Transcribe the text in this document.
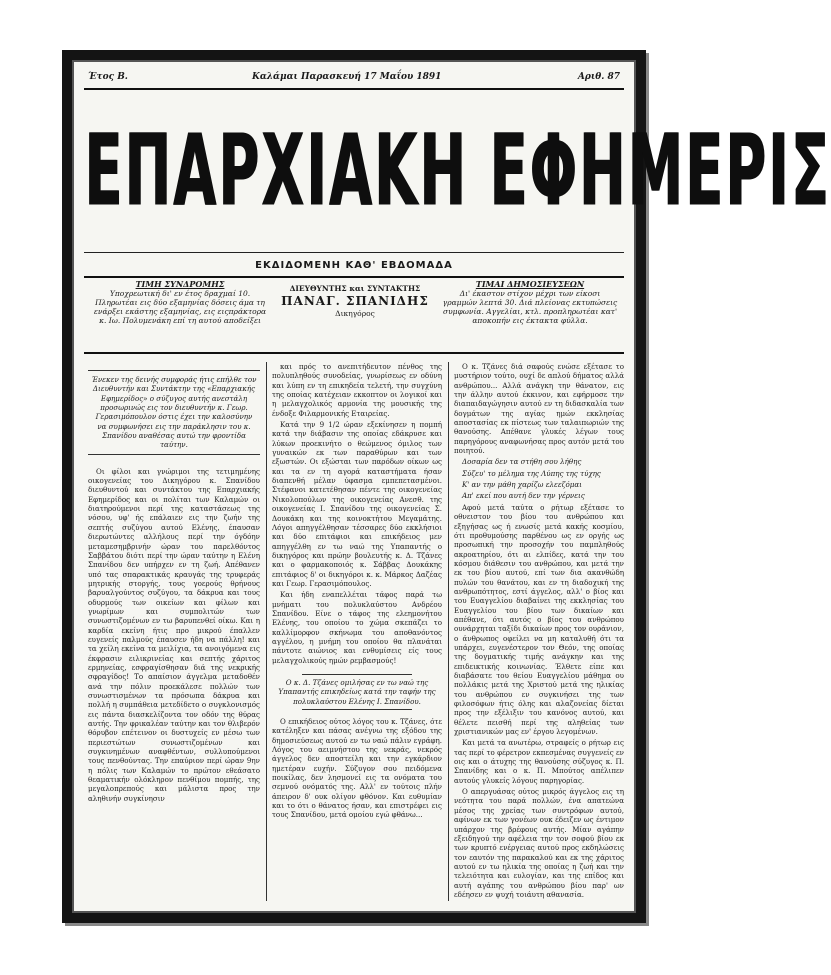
Έτος Β.	Καλάμαι Παρασκευή 17 Μαΐου 1891	Αριθ. 87
ΕΠΑΡΧΙΑΚΗ ΕΦΗΜΕΡΙΣ
ΕΚΔΙΔΟΜΕΝΗ ΚΑΘ' ΕΒΔΟΜΑΔΑ
ΤΙΜΗ ΣΥΝΔΡΟΜΗΣ
Υποχρεωτική δι' εν έτος δραχμαί 10. Πληρωτέαι εις δύο εξαμηνίας δόσεις άμα τη ενάρξει εκάστης εξαμηνίας, εις ειςπράκτορα κ. Ιω. Πολυμενάκη επί τη αυτού αποδείξει
ΔΙΕΥΘΥΝΤΗΣ και ΣΥΝΤΑΚΤΗΣ
ΠΑΝΑΓ. ΣΠΑΝΙΔΗΣ
Δικηγόρος
ΤΙΜΑΙ ΔΗΜΟΣΙΕΥΣΕΩΝ
Δι' έκαστον στίχον μέχρι των είκοσι γραμμών λεπτά 30. Διά πλείονας εκτυπώσεις συμφωνία. Αγγελίαι, κτλ. προπληρωτέαι κατ' αποκοπήν εις έκτακτα φύλλα.
Ένεκεν της δεινής συμφοράς ήτις επήλθε τον Διευθυντήν και Συντάκτην της «Επαρχιακής Εφημερίδος» ο σύζυγος αυτής ανεστάλη προσωρινώς εις τον διευθυντήν κ. Γεωρ. Γερασιμόπουλον όστις έχει την καλοσύνην να συμφωνήσει εις την παράκλησιν του κ. Σπανίδου αναθέσας αυτώ την φροντίδα ταύτην.

Οι φίλοι και γνώριμοι της τετιμημένης οικογενείας του Δικηγόρου κ. Σπανίδου διευθυντού και συντάκτου της Επαρχιακής Εφημερίδος και οι πολίται των Καλαμών οι διατηρούμενοι περί της καταστάσεως της νόσου, υφ' ής επάλαιεν εις την ζωήν της σεπτής συζύγου αυτού Ελένης, έπαυσαν διερωτώντες αλλήλους περί την όγδόην μεταμεσημβρινήν ώραν του παρελθόντος Σαββάτου διότι περί την ώραν ταύτην η Ελένη Σπανίδου δεν υπήρχεν εν τη ζωή. Απέθανεν υπό τας σπαρακτικάς κραυγάς της τρυφεράς μητρικής στοργής, τους γοερούς θρήνους βαρυαλγούντος συζύγου, τα δάκρυα και τους οδυρμούς των οικείων και φίλων και γνωρίμων και συμπολιτών των συνωστιζομένων εν τω βαρυπενθεί οίκω. Και η καρδία εκείνη ήτις προ μικρού έπαλλεν ευγενείς παλμούς έπαυσεν ήδη να πάλλη! και τα χείλη εκείνα τα μειλίχια, τα ανοιγόμενα εις έκφρασιν ειλικρινείας και σεπτής χάριτος ερμηνείας, εσφραγίσθησαν διά της νεκρικής σφραγίδος! Το απαίσιον άγγελμα μεταδοθέν ανά την πόλιν προεκάλεσε πολλών των συνωστισμένων τα πρόσωπα δάκρυα και πολλή η συμπάθεια μετεδίδετο ο συγκλονισμός εις πάντα διασκελίζοντα τον οδόν της θύρας αυτής. Την φρικαλέαν ταύτην και τον θλιβερόν θόρυβον επέτεινον οι δυστυχείς εν μέσω των περιεστώτων συνωστιζομένων και συγκινημένων αναφθέντων, συλλυπούμενοι τους πενθούντας. Την επαύριον περί ώραν 9ην η πόλις των Καλαμών το πρώτον εθεάσατο θεαματικήν ολόκληρον πενθίμου πομπής, της μεγαλοπρεπούς και μάλιστα προς την αληθινήν συγκίνησιν

και πρός το ανεπιτήδευτον πένθος της πολυπληθούς συνοδείας, γνωρίσεως εν οδύνη και λύπη εν τη επικηδεία τελετή, την συγχύνη της οποίας κατέχειαν εκκοπτον οι λογικοί και η μελαγχολικός αρμονία της μουσικής της ένδοξε Φιλαρμονικής Εταιρείας.

Κατά την 9 1/2 ώραν εξεκίνησεν η πομπή κατά την διάβασιν της οποίας εδάκρυσε και λύκων προεκινήτο ο θεώμενος όμιλος των γυναικών εκ των παραθύρων και των εξωστών. Οι εξώσται των παρόδων οίκων ως και τα εν τη αγορά καταστήματα ήσαν διαπενθή μέλαν ύφασμα εμπεπετασμένοι. Στέφανοι κατετέθησαν πέντε της οικογενείας Νικολοπούλων της οικογενείας Ανεσθ. της οικογενείας Ι. Σπανίδου της οικογενείας Σ. Δουκάκη και της κοινοκτήτου Μεγαμάτης. Λόγοι απηγγέλθησαν τέσσαρες δύο εκκλήσιοι και δύο επιτάφιοι και επικήδειος μεν απηγγέλθη εν τω ναώ της Υπαπαντής ο δικηγόρος και πρώην βουλευτής κ. Δ. Τζάνες και ο φαρμακοποιός κ. Σάββας Δουκάκης επιτάφιος δ' οι δικηγόροι κ. κ. Μάρκος Δαζέας και Γεωρ. Γερασιμόπουλος.

Και ήδη εναπελλέται τάφος παρά τω μνήματι του πολυκλαύστου Ανδρέου Σπανίδου. Είνε ο τάφος της ελεημονήτου Ελένης, του οποίου το χώμα σκεπάζει το καλλίμορφον σκήνωμα του αποθανόντος αγγέλου, η μνήμη του οποίου θα πλανάται πάντοτε αιώνιος και ενθυμίσεις είς τους μελαγχολικούς ημών ρεμβασμούς!

Ο κ. Δ. Τζάνες ομιλήσας εν τω ναώ της Υπαπαντής επικηδείως κατά την ταφήν της πολυκλαύστου Ελένης Ι. Σπανίδου.

Ο επικήδειος ούτος λόγος του κ. Τζάνες, ότε κατέληξεν και πάσας ανέγνω της εξόδου της δημοσιεύσεως αυτού εν τω ναώ πάλιν εγράφη. Λόγος του αειμνήστου της νεκράς, νεκρός άγγελος δεν αποστείλη και την εγκάρδιον ημετέραν ευχήν. Σύζυγον σου πειδόμενα ποικίλας, δεν λησμονεί εις τα ονόματα του σεμνού ονόματός της. Αλλ' εν τούτοις πλήν άπειρον δ' ουκ ολίγον φθόνον. Και ευθυμίαν και το ότι ο θάνατος ήσαν, και επιστρέφει εις τους Σπανίδου, μετά ομοίου εγώ φθάνω...

Ο κ. Τζάνες διά σαφούς ενώσε εξέτασε το μυστήριον τούτο, ουχί δε απλού δήματος αλλά ανθρώπου... Αλλά ανάγκη την θάνατον, εις την άλλην αυτού έκκινον, και εφήρμοσε την διαπαιδαγώγησιν αυτού εν τη διδασκαλία των δογμάτων της αγίας ημών εκκλησίας αποστασίας εκ πίστεως των ταλαιπωριών της θανούσης. Απέθανε γλυκές λέγων τους παρηγόρους αναφωνήσας προς αυτόν μετά του ποιητού.

Δοσαρία δεν τα στήθη σου λήθης

Σύζευ' το μέλημα της Λύπης της τύχης

Κ' αν την μάθη χαρίζω ελεεζόμαι

Απ' εκεί που αυτή δεν την γέρνεις

Αφού μετά ταύτα ο ρήτωρ εξέτασε το οθνειστον του βίου του ανθρώπου και εξηγήσας ως ή ενωσίς μετά κακής κοσμίου, ότι προθυμούσης παρθένου ως εν οργής ως προσωπική την προσοχήν του παμπληθούς ακροατηρίου, ότι αι ελπίδες, κατά την του κόσμου διάθεσιν του ανθρώπου, και μετά την εκ του βίου αυτού, επί των δια ακανθώδη πυλών του θανάτου, και εν τη διαδοχική της ανθρωπότητος, εστί άγγελος, αλλ' ο βίος και του Ευαγγελίου διαβαίνει της εκκλησίας του Ευαγγελίου του βίου των δικαίων και απέθανε, ότι αυτός ο βίος του ανθρώπου ουνάρχηται ταξίδι δικαίων προς τον ουράνιον, ο άνθρωπος οφείλει να μη καταλυθή ότι τα υπάρχει, ευγενέστερον τον Θεόν, της οποίας της δογματικής τιμής ανάγκην και της επιδεικτικής κοινωνίας. Έλθετε είπε και διαβάσατε του θείου Ευαγγελίου μάθημα ου πολλάκις μετά της Χριστού μετά της ηλικίας του ανθρώπου εν συγκινήσει της των φιλοσόφων ήτις όλης και αλαζονείας δίεται προς την εξέλιξιν του κανόνος αυτού, και θέλετε πεισθή περί της αληθείας των χριστιανικών μας εν' έργου λεγομένων.

Και μετά τα ανωτέρω, στραφείς ο ρήτωρ εις τας περί το φέρετρον εκπεσμένας συγγενείς εν οις και ο άτυχης της θανούσης σύζυγος κ. Π. Σπανίδης και ο κ. Π. Μπούτος απέλιπεν αυτούς γλυκείς λόγους παρηγορίας.

Ο απεργυάσας ούτος μικρός άγγελος εις τη νεότητα του παρά πολλών, ένα απατεώνα μέσος της χρείας των συντρόφων αυτού, αφίνων εκ των γονέων ουκ έδειζεν ως έντιμον υπάρχον της βρέφους αυτής. Μίαν αγάπην εξειδηγού την αφέλεια την τον σοφού βίου εκ των κρυπτό ενέργειας αυτού προς εκδηλώσεις τον εαυτόν της παρακαλού και εκ της χάριτος αυτού εν τω ηλικία της οποίας η ζωή και την τελειότητα και ευλογίαν, και της επίδος και αυτή αγάπης του ανθρώπου βίου παρ' ων εδέησεν εν ψυχή τοιάυτη αθανασία.
